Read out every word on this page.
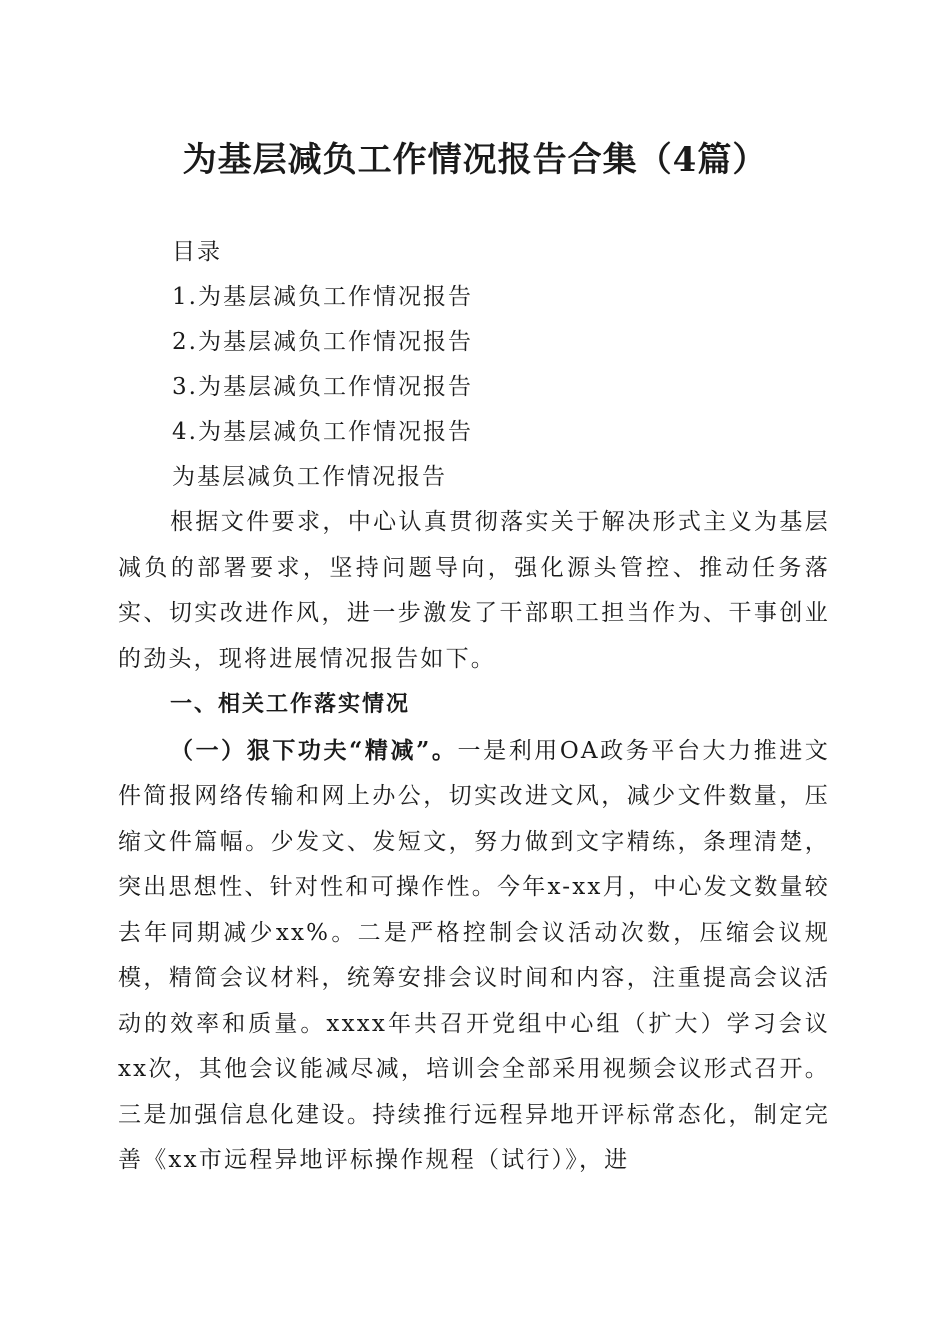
为基层减负工作情况报告合集（4篇）
目录
1.为基层减负工作情况报告
2.为基层减负工作情况报告
3.为基层减负工作情况报告
4.为基层减负工作情况报告
为基层减负工作情况报告

根据文件要求，中心认真贯彻落实关于解决形式主义为基层减负的部署要求，坚持问题导向，强化源头管控、推动任务落实、切实改进作风，进一步激发了干部职工担当作为、干事创业的劲头，现将进展情况报告如下。

一、相关工作落实情况

（一）狠下功夫“精减”。一是利用OA政务平台大力推进文件简报网络传输和网上办公，切实改进文风，减少文件数量，压缩文件篇幅。少发文、发短文，努力做到文字精练，条理清楚，突出思想性、针对性和可操作性。今年x-xx月，中心发文数量较去年同期减少xx%。二是严格控制会议活动次数，压缩会议规模，精简会议材料，统筹安排会议时间和内容，注重提高会议活动的效率和质量。xxxx年共召开党组中心组（扩大）学习会议xx次，其他会议能减尽减，培训会全部采用视频会议形式召开。三是加强信息化建设。持续推行远程异地开评标常态化，制定完善《xx市远程异地评标操作规程（试行）》，进
